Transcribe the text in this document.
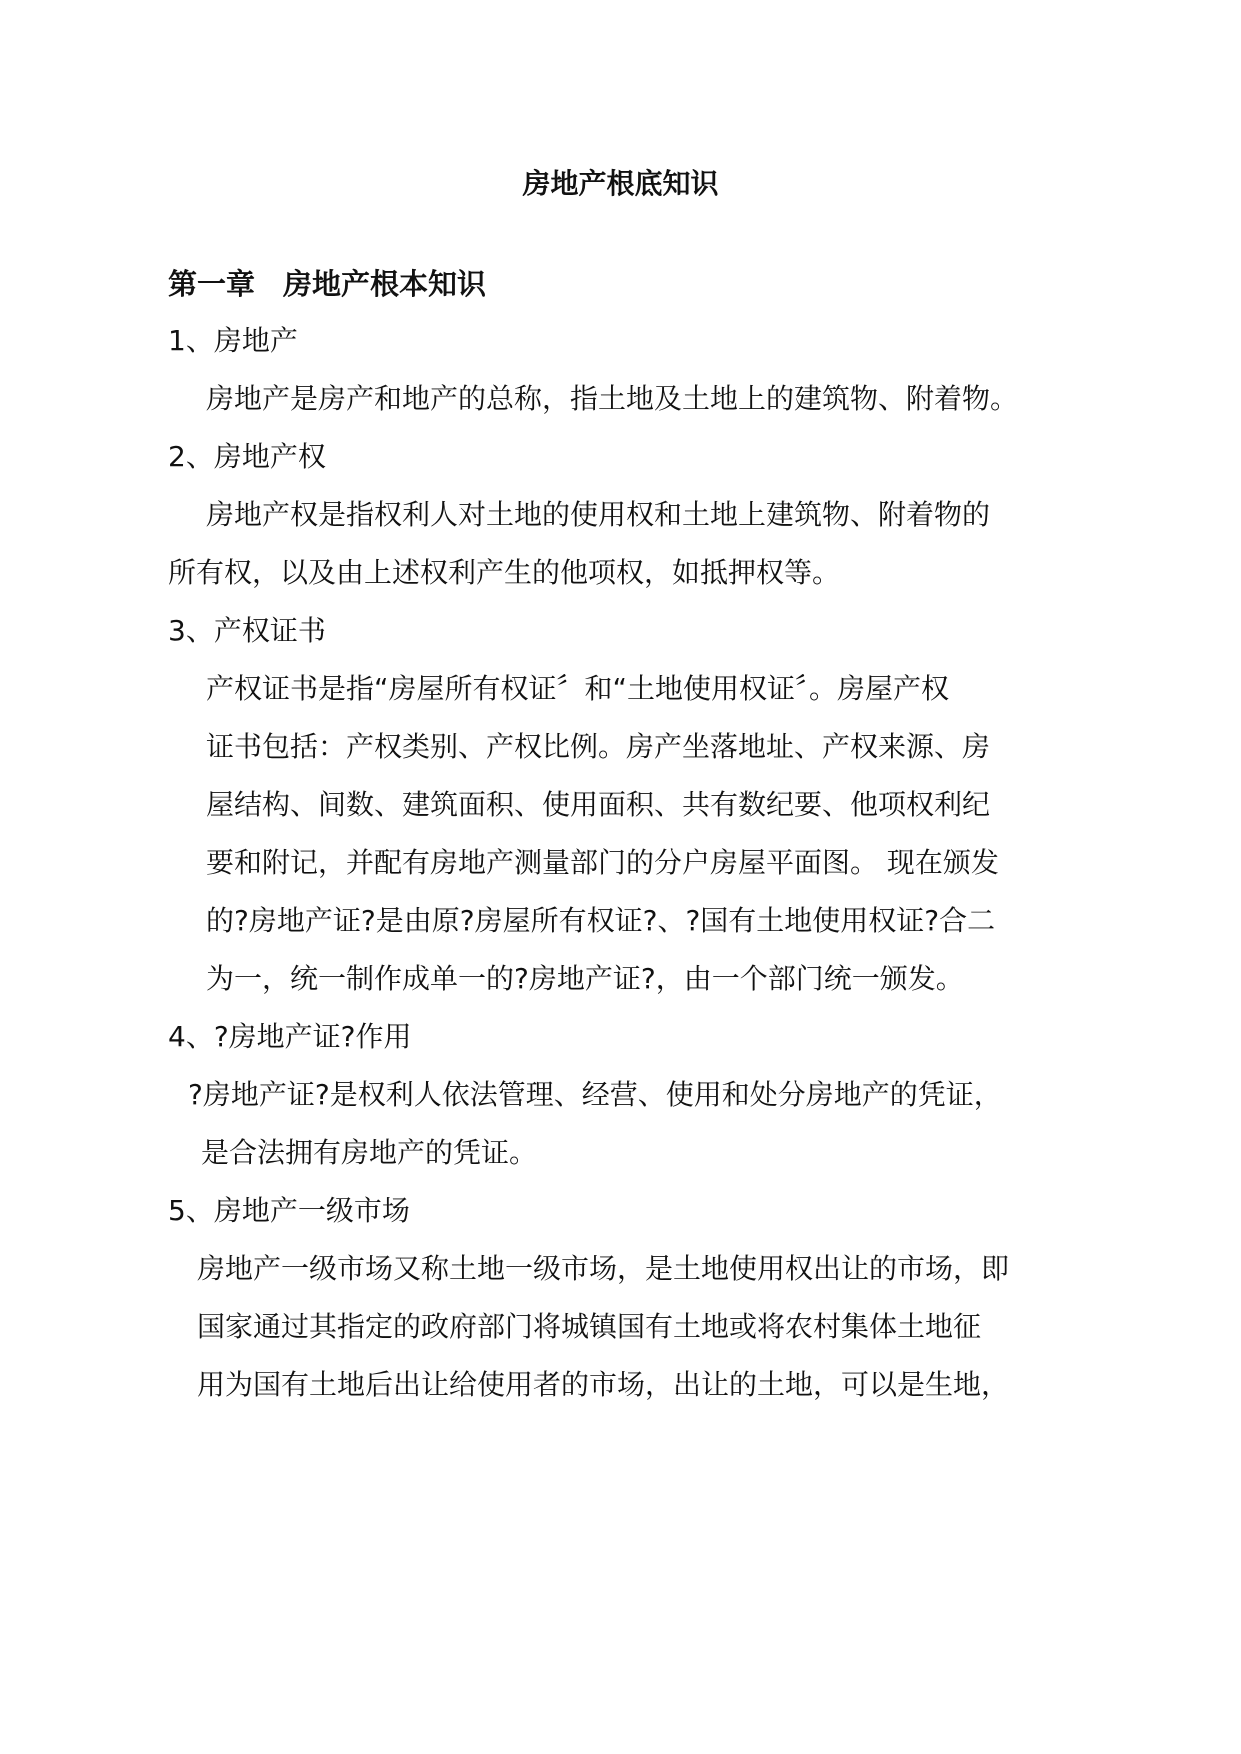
房地产根底知识
第一章 房地产根本知识
1、房地产
房地产是房产和地产的总称，指土地及土地上的建筑物、附着物。
2、房地产权
房地产权是指权利人对土地的使用权和土地上建筑物、附着物的
所有权，以及由上述权利产生的他项权，如抵押权等。
3、产权证书
产权证书是指“房屋所有权证〞和“土地使用权证〞。房屋产权
证书包括：产权类别、产权比例。房产坐落地址、产权来源、房
屋结构、间数、建筑面积、使用面积、共有数纪要、他项权利纪
要和附记，并配有房地产测量部门的分户房屋平面图。 现在颁发
的?房地产证?是由原?房屋所有权证?、?国有土地使用权证?合二
为一，统一制作成单一的?房地产证?，由一个部门统一颁发。
4、?房地产证?作用
?房地产证?是权利人依法管理、经营、使用和处分房地产的凭证，
是合法拥有房地产的凭证。
5、房地产一级市场
房地产一级市场又称土地一级市场，是土地使用权出让的市场，即
国家通过其指定的政府部门将城镇国有土地或将农村集体土地征
用为国有土地后出让给使用者的市场，出让的土地，可以是生地，
